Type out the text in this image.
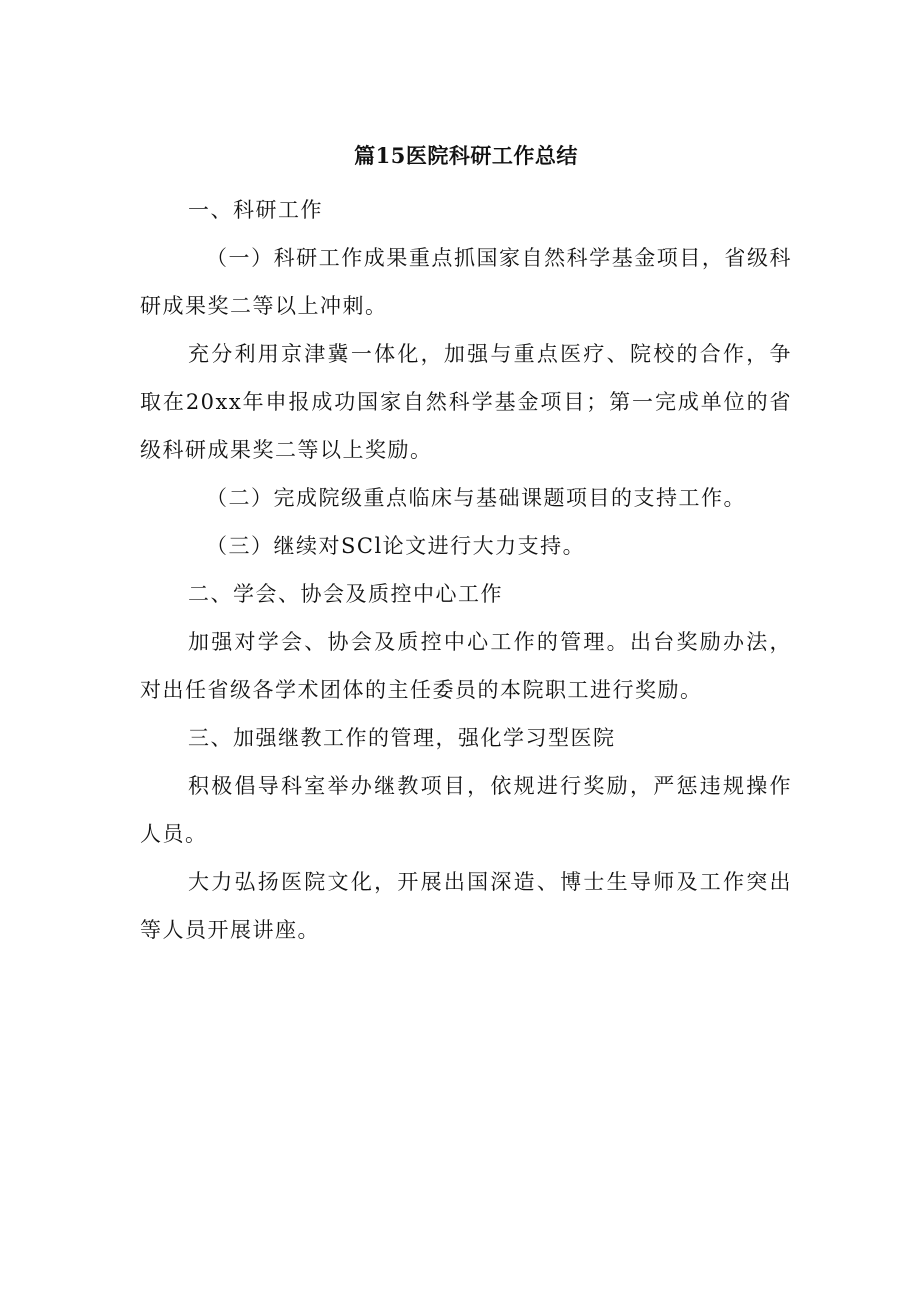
篇15医院科研工作总结

一、科研工作

（一）科研工作成果重点抓国家自然科学基金项目，省级科研成果奖二等以上冲刺。

充分利用京津冀一体化，加强与重点医疗、院校的合作，争取在20xx年申报成功国家自然科学基金项目；第一完成单位的省级科研成果奖二等以上奖励。

（二）完成院级重点临床与基础课题项目的支持工作。

（三）继续对SCl论文进行大力支持。

二、学会、协会及质控中心工作

加强对学会、协会及质控中心工作的管理。出台奖励办法，对出任省级各学术团体的主任委员的本院职工进行奖励。

三、加强继教工作的管理，强化学习型医院

积极倡导科室举办继教项目，依规进行奖励，严惩违规操作人员。

大力弘扬医院文化，开展出国深造、博士生导师及工作突出等人员开展讲座。
